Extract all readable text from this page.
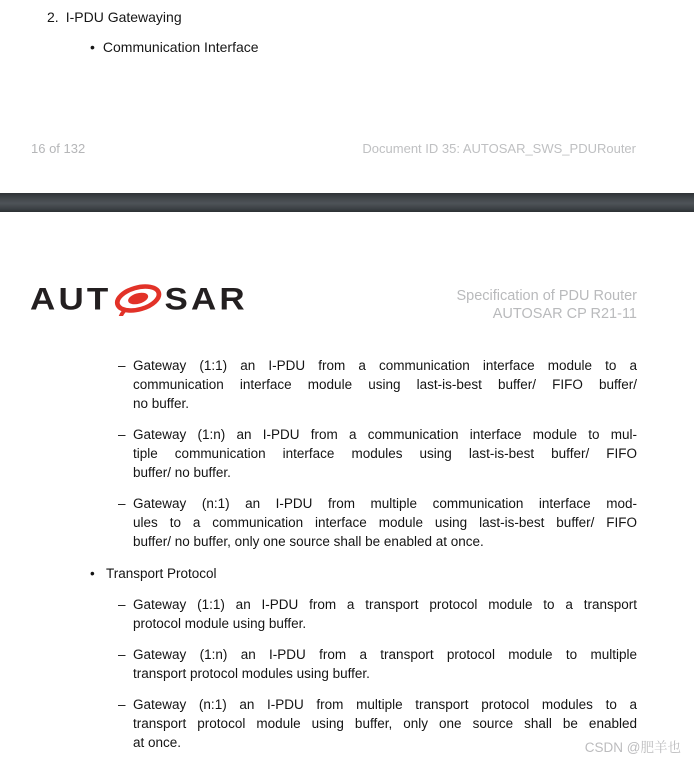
2. I-PDU Gatewaying
• Communication Interface
16 of 132	Document ID 35: AUTOSAR_SWS_PDURouter
AUT SAR	Specification of PDU Router
AUTOSAR CP R21-11
– Gateway (1:1) an I-PDU from a communication interface module to a
communication interface module using last-is-best buffer/ FIFO buffer/
no buffer.
– Gateway (1:n) an I-PDU from a communication interface module to mul-
tiple communication interface modules using last-is-best buffer/ FIFO
buffer/ no buffer.
– Gateway (n:1) an I-PDU from multiple communication interface mod-
ules to a communication interface module using last-is-best buffer/ FIFO
buffer/ no buffer, only one source shall be enabled at once.
• Transport Protocol
– Gateway (1:1) an I-PDU from a transport protocol module to a transport
protocol module using buffer.
– Gateway (1:n) an I-PDU from a transport protocol module to multiple
transport protocol modules using buffer.
– Gateway (n:1) an I-PDU from multiple transport protocol modules to a
transport protocol module using buffer, only one source shall be enabled
at once.	CSDN @肥羊也
